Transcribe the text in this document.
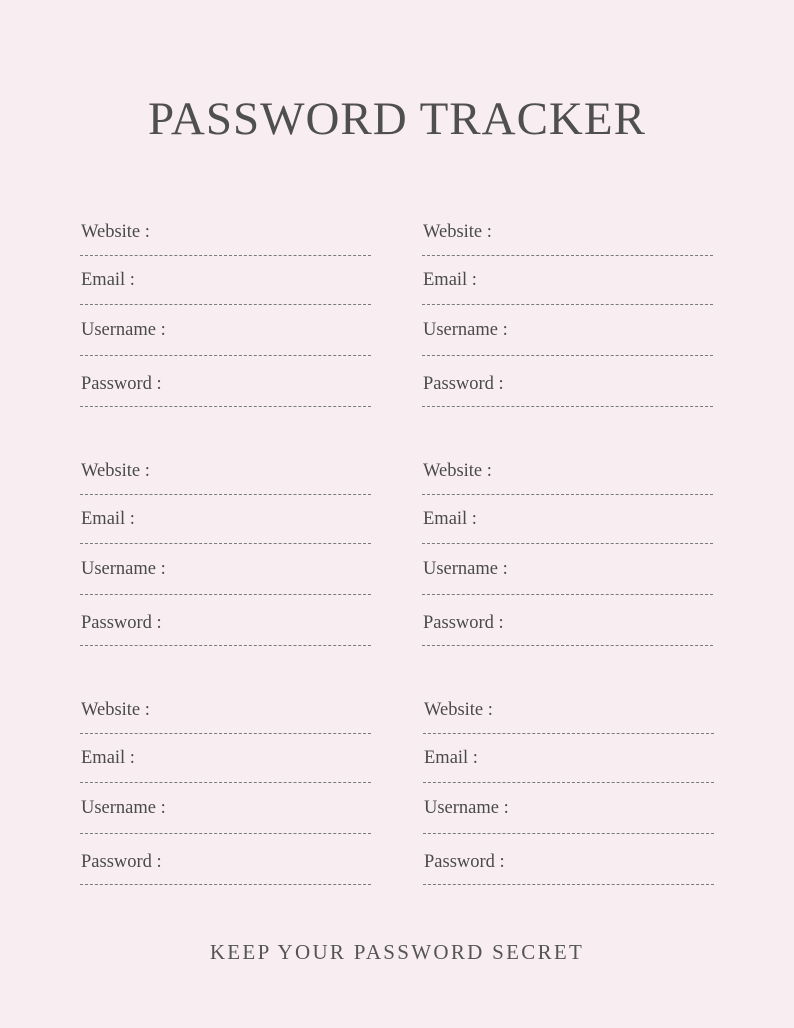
PASSWORD TRACKER
Website :
Email :
Username :
Password :
Website :
Email :
Username :
Password :
Website :
Email :
Username :
Password :
Website :
Email :
Username :
Password :
Website :
Email :
Username :
Password :
Website :
Email :
Username :
Password :
KEEP YOUR PASSWORD SECRET
